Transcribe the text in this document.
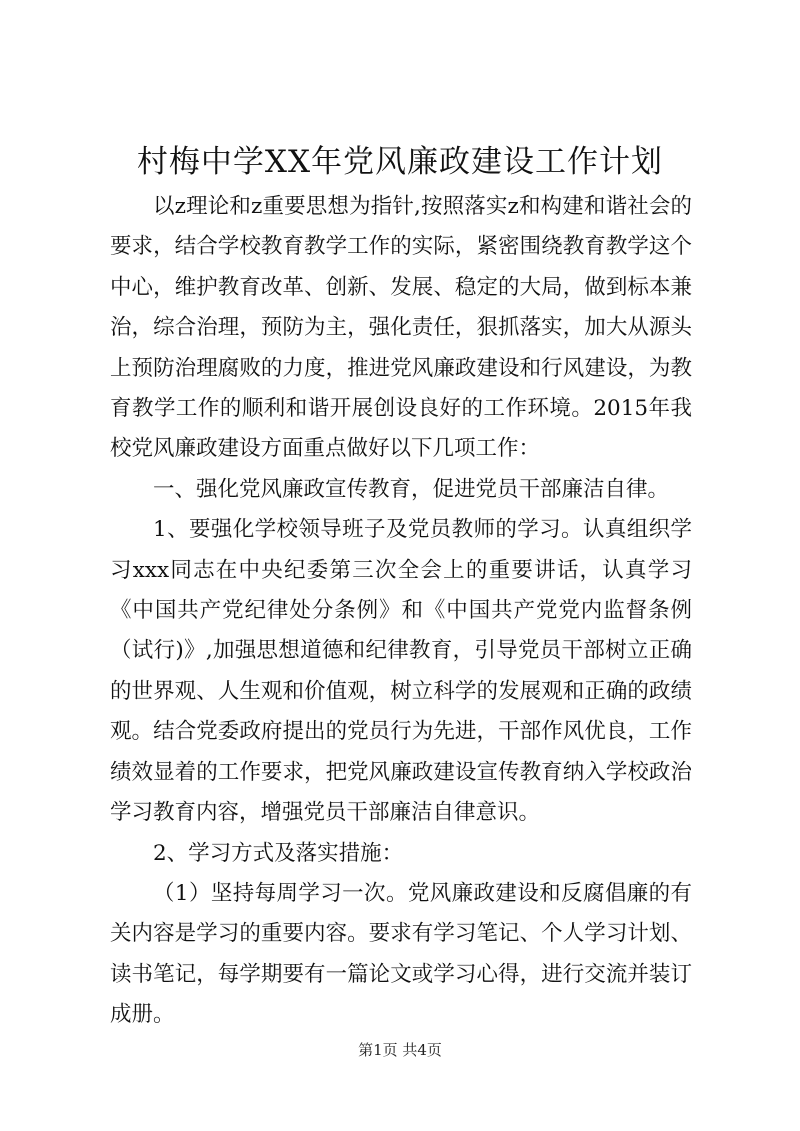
村梅中学XX年党风廉政建设工作计划

以z理论和z重要思想为指针,按照落实z和构建和谐社会的要求，结合学校教育教学工作的实际，紧密围绕教育教学这个中心，维护教育改革、创新、发展、稳定的大局，做到标本兼治，综合治理，预防为主，强化责任，狠抓落实，加大从源头上预防治理腐败的力度，推进党风廉政建设和行风建设，为教育教学工作的顺利和谐开展创设良好的工作环境。2015年我校党风廉政建设方面重点做好以下几项工作：

一、强化党风廉政宣传教育，促进党员干部廉洁自律。

1、要强化学校领导班子及党员教师的学习。认真组织学习xxx同志在中央纪委第三次全会上的重要讲话，认真学习《中国共产党纪律处分条例》和《中国共产党党内监督条例（试行)》,加强思想道德和纪律教育，引导党员干部树立正确的世界观、人生观和价值观，树立科学的发展观和正确的政绩观。结合党委政府提出的党员行为先进，干部作风优良，工作绩效显着的工作要求，把党风廉政建设宣传教育纳入学校政治学习教育内容，增强党员干部廉洁自律意识。

2、学习方式及落实措施：

（1）坚持每周学习一次。党风廉政建设和反腐倡廉的有关内容是学习的重要内容。要求有学习笔记、个人学习计划、读书笔记，每学期要有一篇论文或学习心得，进行交流并装订成册。

第1页 共4页
